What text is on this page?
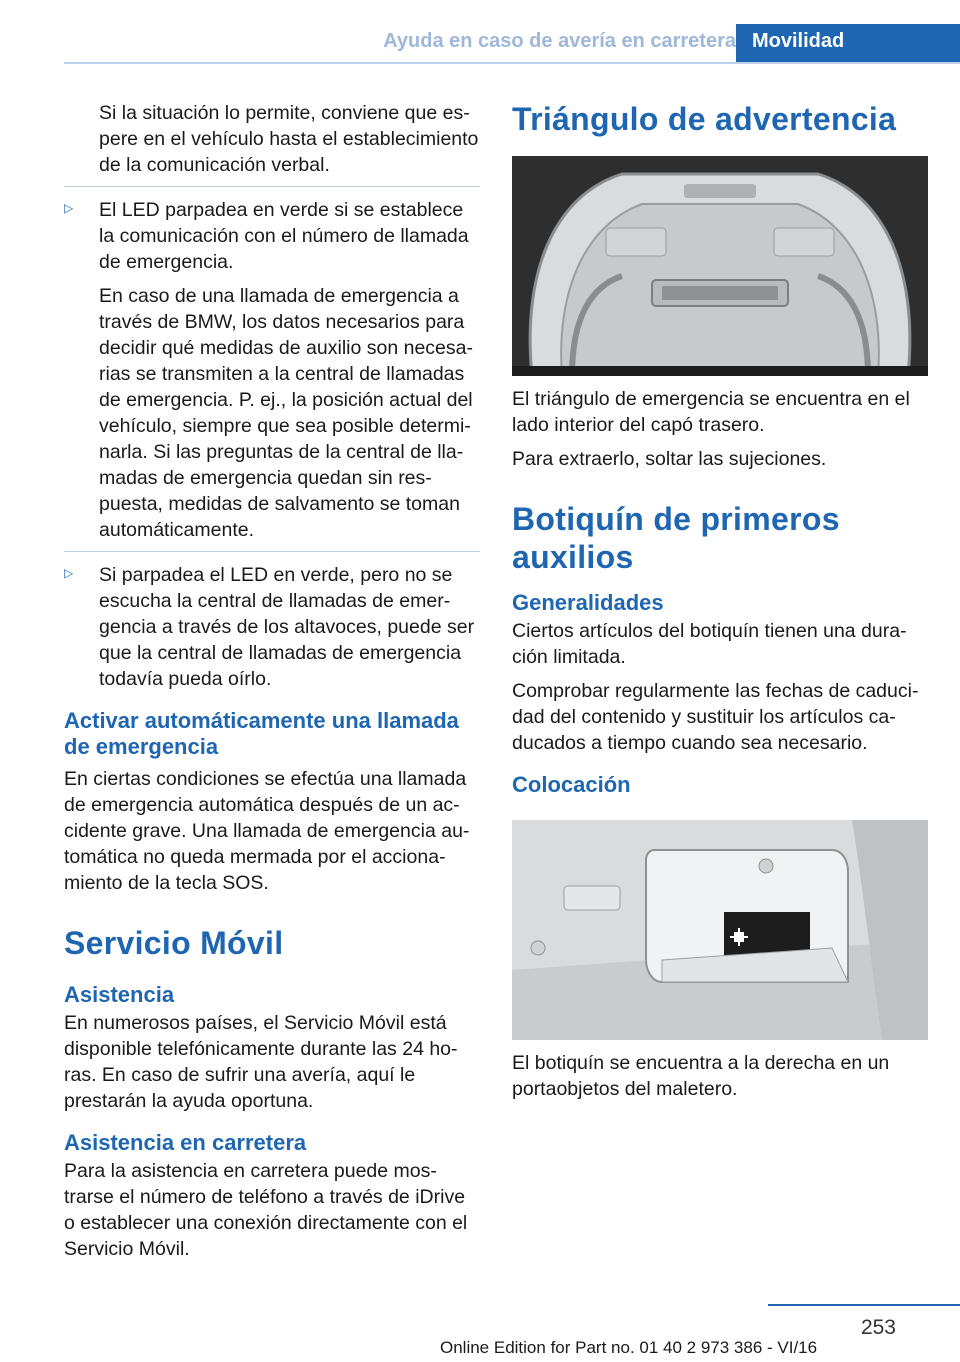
Ayuda en caso de avería en carretera Movilidad

Si la situación lo permite, conviene que espere en el vehículo hasta el establecimiento de la comunicación verbal.

▷ El LED parpadea en verde si se establece la comunicación con el número de llamada de emergencia.

En caso de una llamada de emergencia a través de BMW, los datos necesarios para decidir qué medidas de auxilio son necesarias se transmiten a la central de llamadas de emergencia. P. ej., la posición actual del vehículo, siempre que sea posible determinarla. Si las preguntas de la central de llamadas de emergencia quedan sin respuesta, medidas de salvamento se toman automáticamente.

▷ Si parpadea el LED en verde, pero no se escucha la central de llamadas de emergencia a través de los altavoces, puede ser que la central de llamadas de emergencia todavía pueda oírlo.

Activar automáticamente una llamada de emergencia

En ciertas condiciones se efectúa una llamada de emergencia automática después de un accidente grave. Una llamada de emergencia automática no queda mermada por el accionamiento de la tecla SOS.

Servicio Móvil
Asistencia

En numerosos países, el Servicio Móvil está disponible telefónicamente durante las 24 horas. En caso de sufrir una avería, aquí le prestarán la ayuda oportuna.

Asistencia en carretera

Para la asistencia en carretera puede mostrarse el número de teléfono a través de iDrive o establecer una conexión directamente con el Servicio Móvil.

Triángulo de advertencia

El triángulo de emergencia se encuentra en el lado interior del capó trasero.

Para extraerlo, soltar las sujeciones.

Botiquín de primeros auxilios
Generalidades

Ciertos artículos del botiquín tienen una duración limitada.

Comprobar regularmente las fechas de caducidad del contenido y sustituir los artículos caducados a tiempo cuando sea necesario.

Colocación

El botiquín se encuentra a la derecha en un portaobjetos del maletero.

253
Online Edition for Part no. 01 40 2 973 386 - VI/16
